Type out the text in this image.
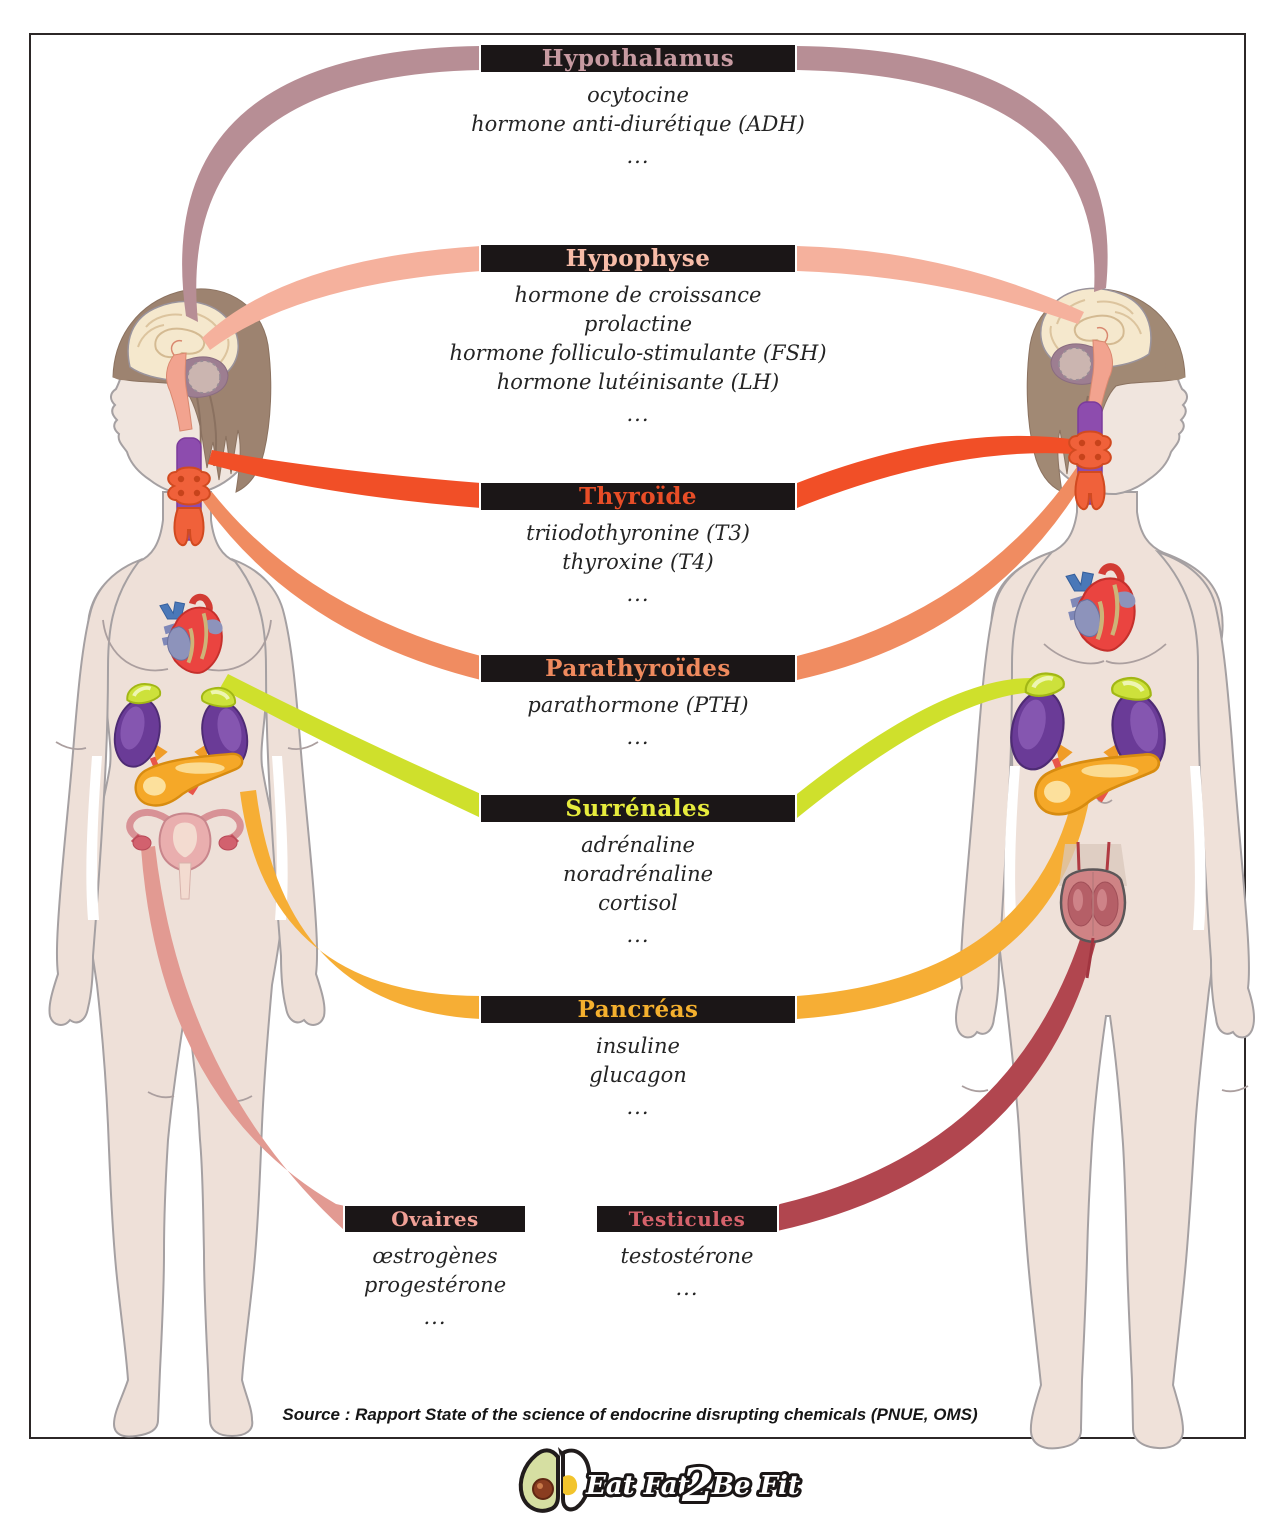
Eat Fat
2
Be Fit
Hypothalamus
ocytocine
hormone anti-diurétique (ADH)
...
Hypophyse
hormone de croissance
prolactine
hormone folliculo-stimulante (FSH)
hormone lutéinisante (LH)
...
Thyroïde
triiodothyronine (T3)
thyroxine (T4)
...
Parathyroïdes
parathormone (PTH)
...
Surrénales
adrénaline
noradrénaline
cortisol
...
Pancréas
insuline
glucagon
...
Ovaires
œstrogènes
progestérone
...
Testicules
testostérone
...
Source : Rapport State of the science of endocrine disrupting chemicals (PNUE, OMS)
